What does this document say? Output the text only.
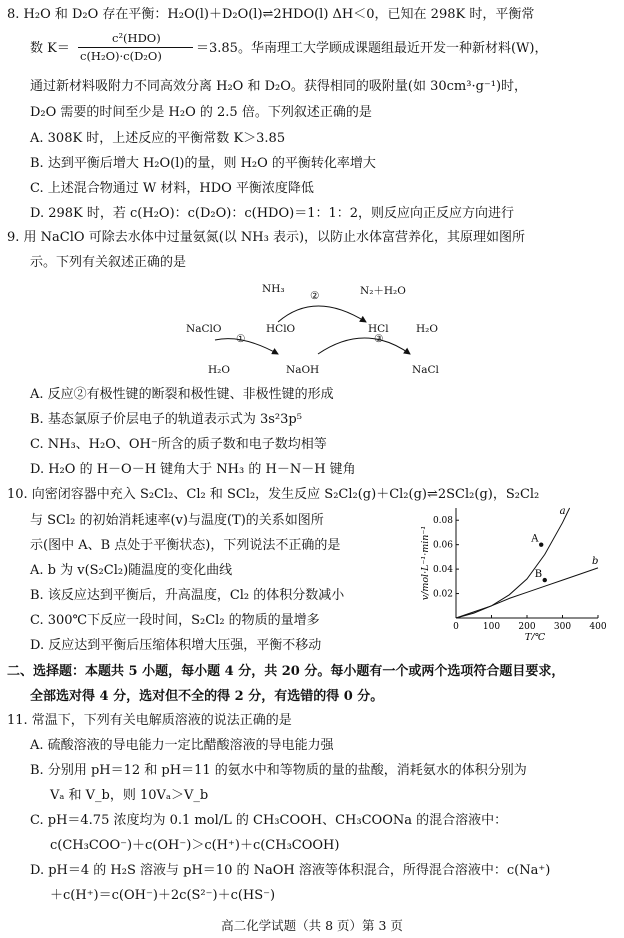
8. H₂O 和 D₂O 存在平衡：H₂O(l)＋D₂O(l)⇌2HDO(l) ΔH＜0，已知在 298K 时，平衡常
数 K＝
c²(HDO)
c(H₂O)·c(D₂O)	＝3.85。华南理工大学顾成课题组最近开发一种新材料(W)，
通过新材料吸附力不同高效分离 H₂O 和 D₂O。获得相同的吸附量(如 30cm³·g⁻¹)时，
D₂O 需要的时间至少是 H₂O 的 2.5 倍。下列叙述正确的是
A. 308K 时，上述反应的平衡常数 K＞3.85
B. 达到平衡后增大 H₂O(l)的量，则 H₂O 的平衡转化率增大
C. 上述混合物通过 W 材料，HDO 平衡浓度降低
D. 298K 时，若 c(H₂O)：c(D₂O)：c(HDO)＝1：1：2，则反应向正反应方向进行
9. 用 NaClO 可除去水体中过量氨氮(以 NH₃ 表示)，以防止水体富营养化，其原理如图所
示。下列有关叙述正确的是
NH₃	N₂＋H₂O
②
NaClO	HClO	HCl	H₂O
①	③
H₂O	NaOH	NaCl
A. 反应②有极性键的断裂和极性键、非极性键的形成
B. 基态氯原子价层电子的轨道表示式为 3s²3p⁵
C. NH₃、H₂O、OH⁻所含的质子数和电子数均相等
D. H₂O 的 H－O－H 键角大于 NH₃ 的 H－N－H 键角
10. 向密闭容器中充入 S₂Cl₂、Cl₂ 和 SCl₂，发生反应 S₂Cl₂(g)＋Cl₂(g)⇌2SCl₂(g)，S₂Cl₂
与 SCl₂ 的初始消耗速率(v)与温度(T)的关系如图所
示(图中 A、B 点处于平衡状态)，下列说法不正确的是
A. b 为 v(S₂Cl₂)随温度的变化曲线
B. 该反应达到平衡后，升高温度，Cl₂ 的体积分数减小
C. 300℃下反应一段时间，S₂Cl₂ 的物质的量增多
D. 反应达到平衡后压缩体积增大压强，平衡不移动
0	100 200 300 400
0.02
0.04
0.06
0.08
T/℃
v/mol·L⁻¹·min⁻¹
a
b
A
B
二、选择题：本题共 5 小题，每小题 4 分，共 20 分。每小题有一个或两个选项符合题目要求，
全部选对得 4 分，选对但不全的得 2 分，有选错的得 0 分。
11. 常温下，下列有关电解质溶液的说法正确的是
A. 硫酸溶液的导电能力一定比醋酸溶液的导电能力强
B. 分别用 pH＝12 和 pH＝11 的氨水中和等物质的量的盐酸，消耗氨水的体积分别为
Vₐ 和 V_b，则 10Vₐ＞V_b
C. pH＝4.75 浓度均为 0.1 mol/L 的 CH₃COOH、CH₃COONa 的混合溶液中：
c(CH₃COO⁻)＋c(OH⁻)＞c(H⁺)＋c(CH₃COOH)
D. pH＝4 的 H₂S 溶液与 pH＝10 的 NaOH 溶液等体积混合，所得混合溶液中：c(Na⁺)
＋c(H⁺)＝c(OH⁻)＋2c(S²⁻)＋c(HS⁻)
高二化学试题（共 8 页）第 3 页
